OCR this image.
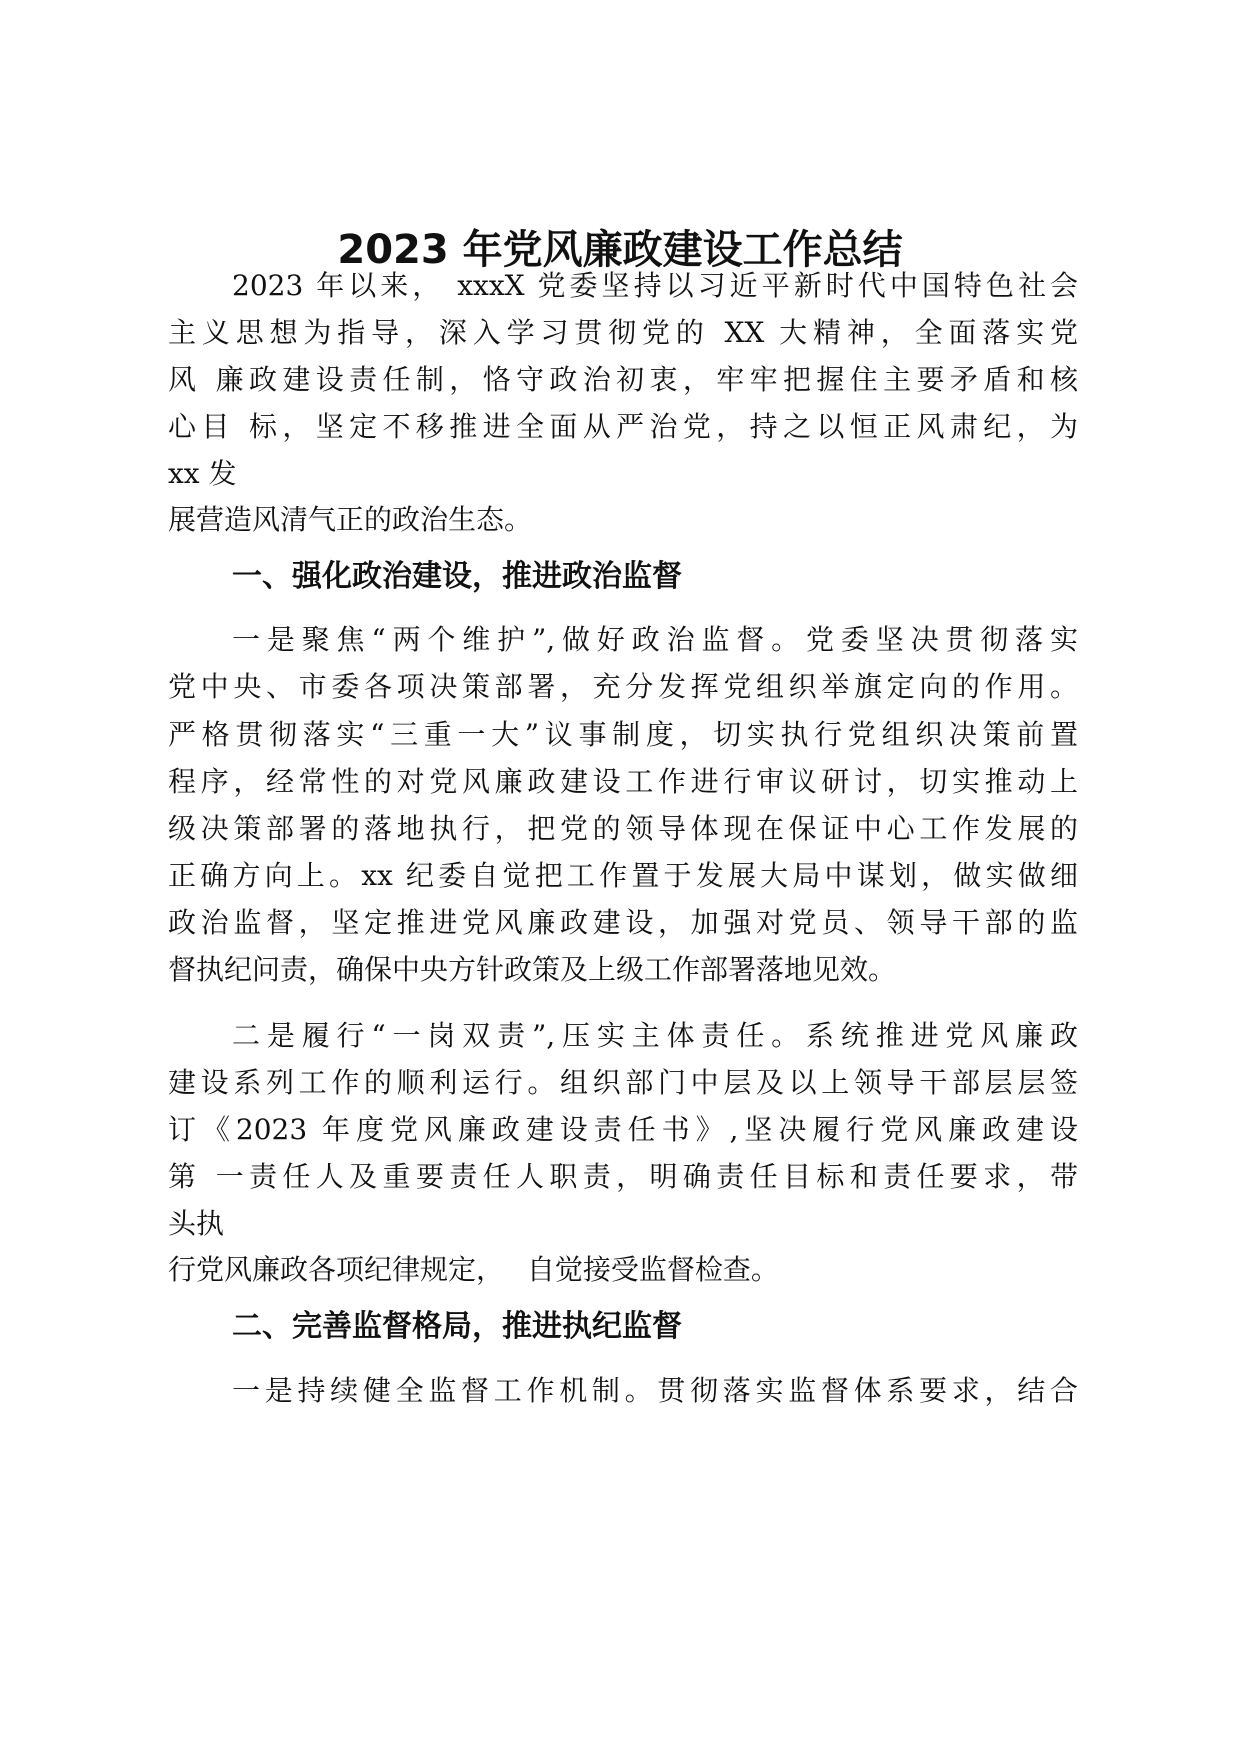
2023 年党风廉政建设工作总结
2023 年以来， xxxX 党委坚持以习近平新时代中国特色社会
主义思想为指导，深入学习贯彻党的 XX 大精神，全面落实党
风 廉政建设责任制，恪守政治初衷，牢牢把握住主要矛盾和核
心目 标，坚定不移推进全面从严治党，持之以恒正风肃纪，为
xx 发
展营造风清气正的政治生态。
一、强化政治建设，推进政治监督
一是聚焦“两个维护”,做好政治监督。党委坚决贯彻落实
党中央、市委各项决策部署，充分发挥党组织举旗定向的作用。
严格贯彻落实“三重一大”议事制度，切实执行党组织决策前置
程序，经常性的对党风廉政建设工作进行审议研讨，切实推动上
级决策部署的落地执行，把党的领导体现在保证中心工作发展的
正确方向上。xx 纪委自觉把工作置于发展大局中谋划，做实做细
政治监督，坚定推进党风廉政建设，加强对党员、领导干部的监
督执纪问责，确保中央方针政策及上级工作部署落地见效。
二是履行“一岗双责”,压实主体责任。系统推进党风廉政
建设系列工作的顺利运行。组织部门中层及以上领导干部层层签
订《2023 年度党风廉政建设责任书》,坚决履行党风廉政建设
第 一责任人及重要责任人职责，明确责任目标和责任要求，带
头执
行党风廉政各项纪律规定，　 自觉接受监督检查。
二、完善监督格局，推进执纪监督
一是持续健全监督工作机制。贯彻落实监督体系要求，结合
